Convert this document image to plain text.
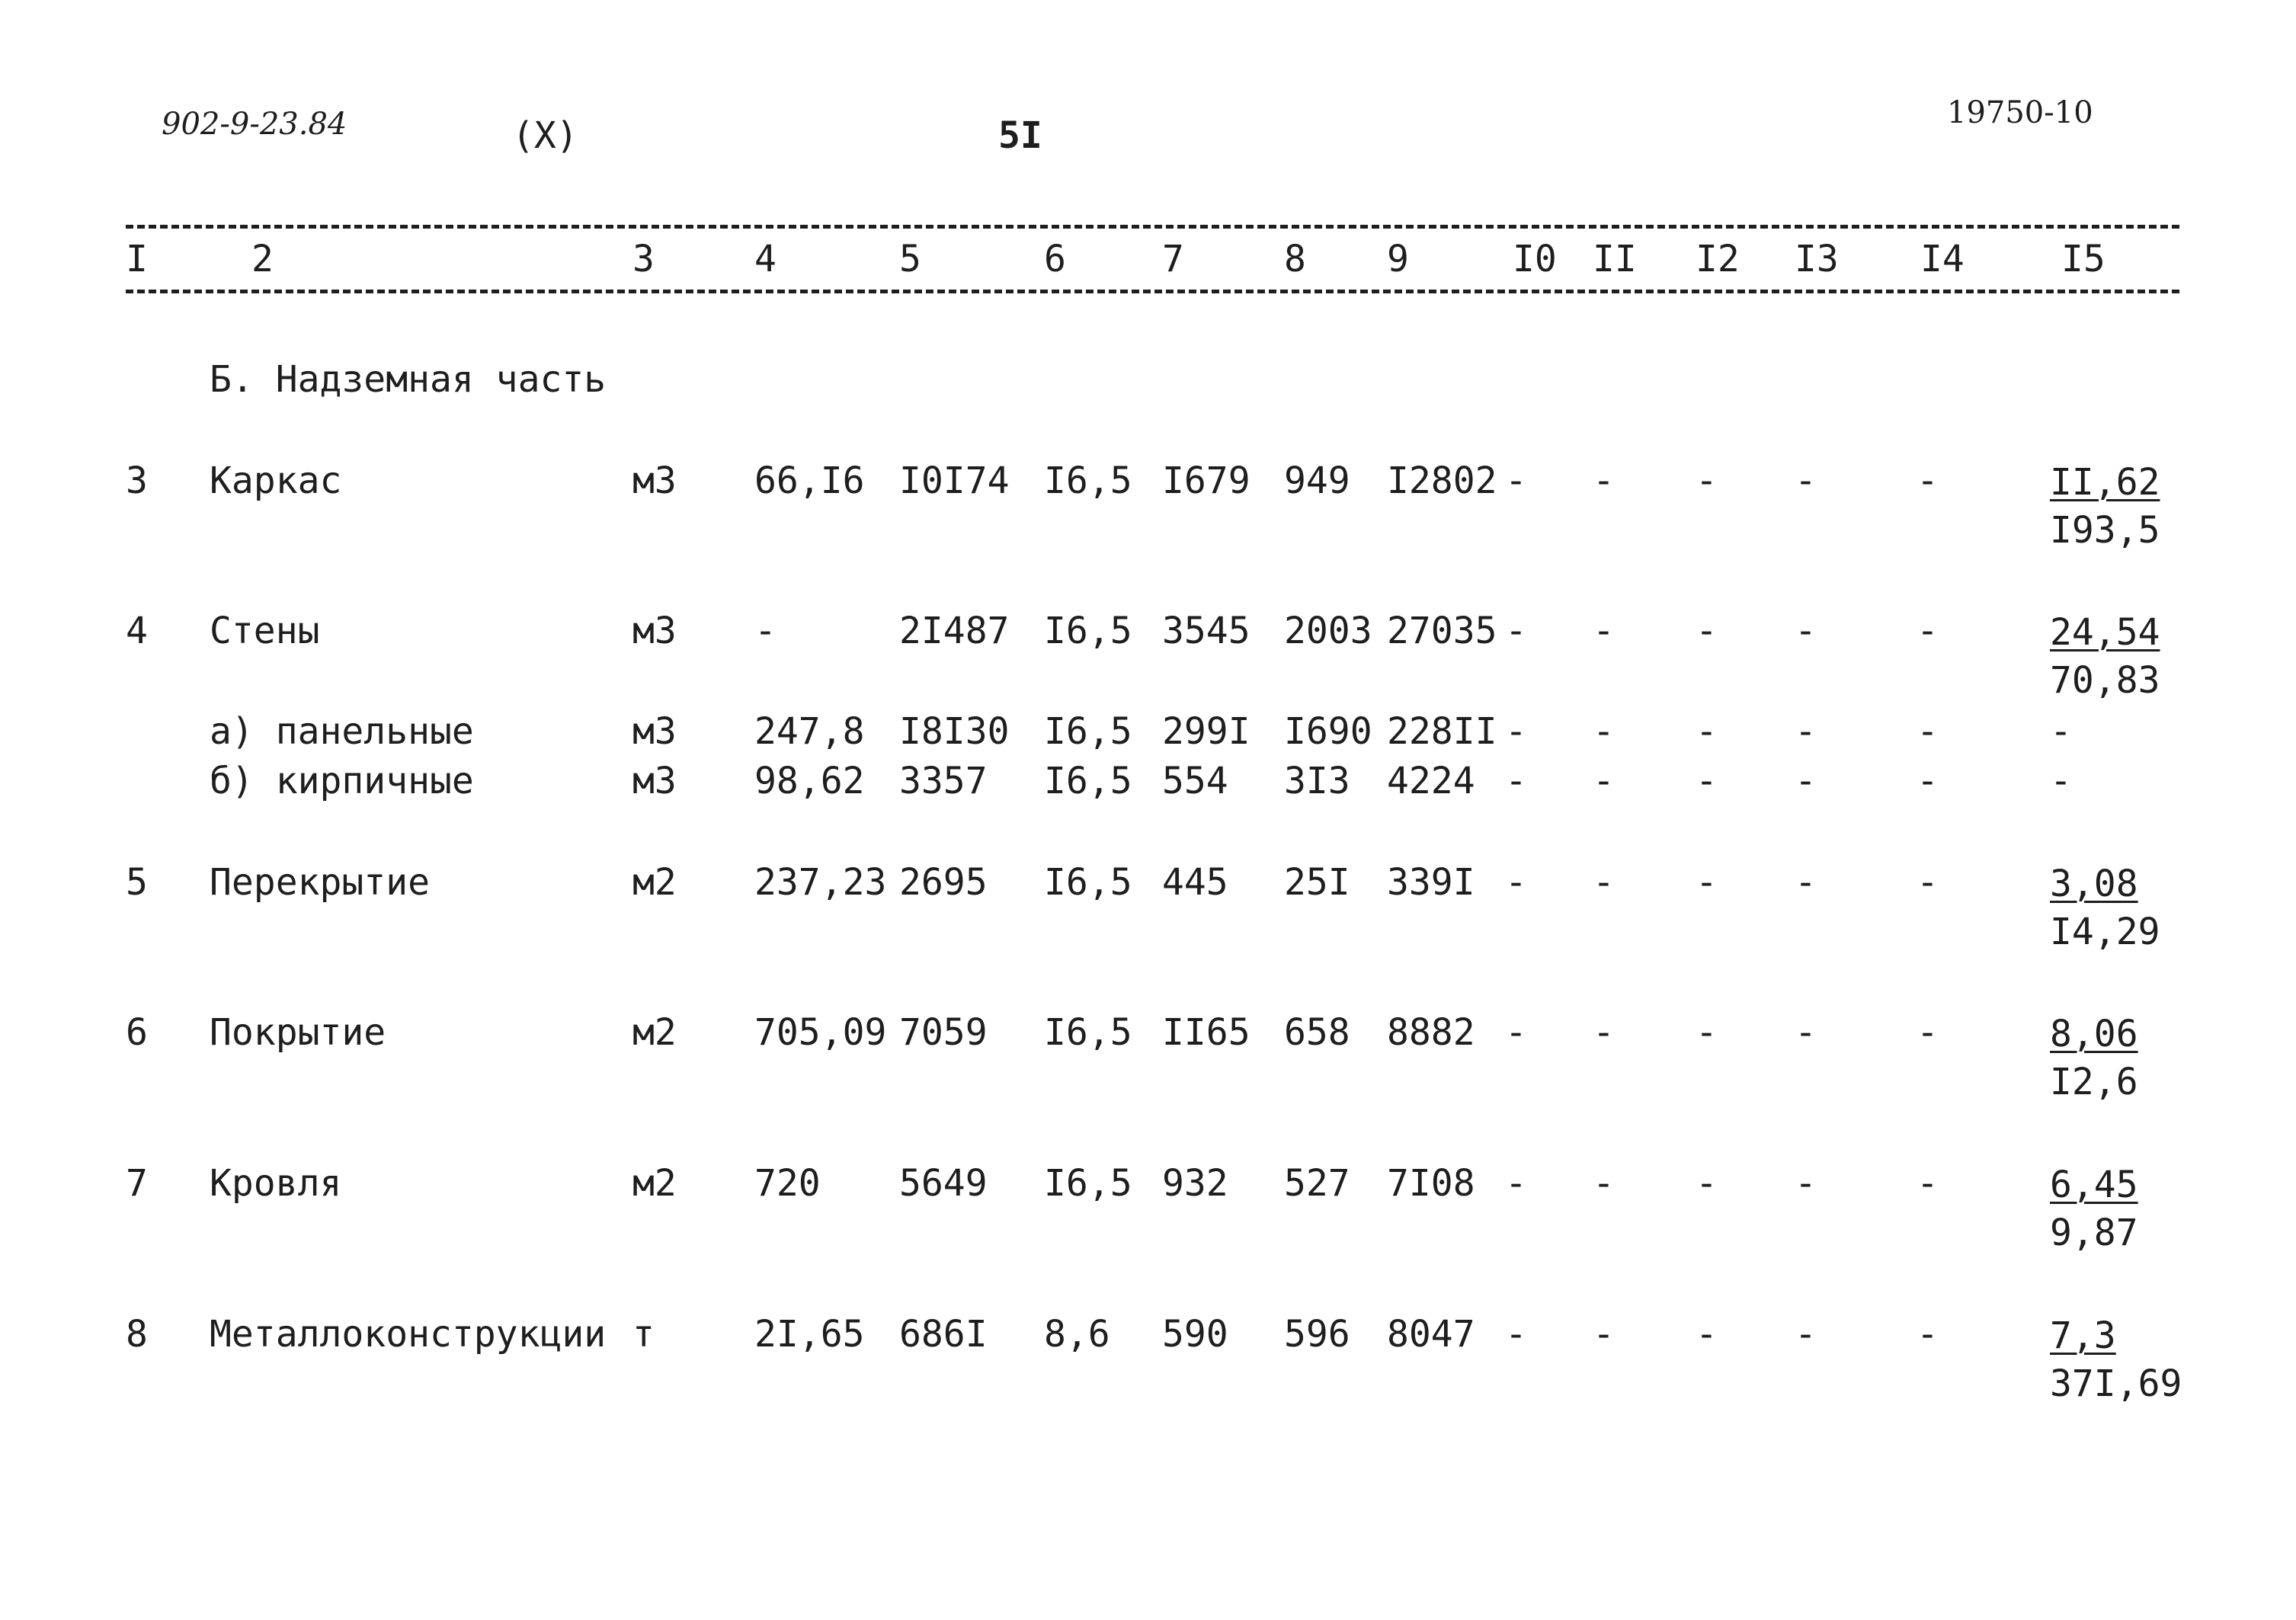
902-9-23.84	(X)	5I
19750-10
I	2	3	4	5	6	7	8 9	I0 II I2 I3 I4	I5
Б. Надземная часть
3 Каркас	м3 66,I6 I0I74 I6,5 I679 949 I2802 - - - -	-	II,62
I93,5
4 Стены	м3 -	2I487 I6,5 3545 2003 27035 - - - -	-	24,54
70,83
а) панельные	м3 247,8 I8I30 I6,5 299I I690 228II - - - -	-	-
б) кирпичные	м3 98,62 3357 I6,5 554 3I3 4224 - - - -	-	-
5 Перекрытие	м2 237,23 2695 I6,5 445 25I 339I - - - -	-	3,08
I4,29
6 Покрытие	м2 705,09 7059 I6,5 II65 658 8882 - - - -	-	8,06
I2,6
7 Кровля	м2 720 5649 I6,5 932 527 7I08 - - - -	-	6,45
9,87
8 Металлоконструкции т	2I,65 686I 8,6 590 596 8047 - - - -	-	7,3
37I,69
